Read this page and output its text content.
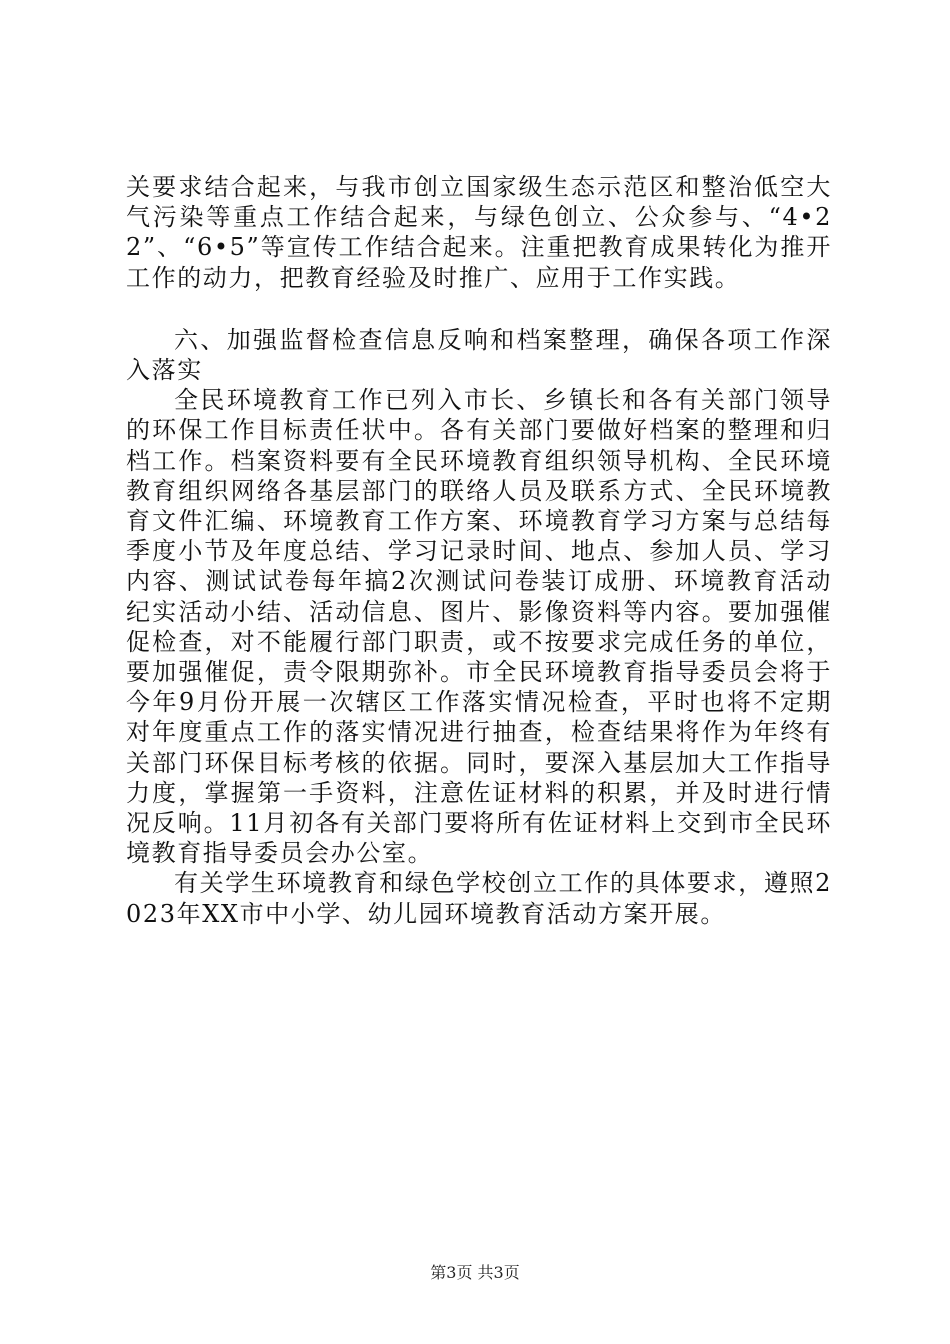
关要求结合起来，与我市创立国家级生态示范区和整治低空大气污染等重点工作结合起来，与绿色创立、公众参与、“4•22”、“6•5”等宣传工作结合起来。注重把教育成果转化为推开工作的动力，把教育经验及时推广、应用于工作实践。

六、加强监督检查信息反响和档案整理，确保各项工作深入落实

全民环境教育工作已列入市长、乡镇长和各有关部门领导的环保工作目标责任状中。各有关部门要做好档案的整理和归档工作。档案资料要有全民环境教育组织领导机构、全民环境教育组织网络各基层部门的联络人员及联系方式、全民环境教育文件汇编、环境教育工作方案、环境教育学习方案与总结每季度小节及年度总结、学习记录时间、地点、参加人员、学习内容、测试试卷每年搞2次测试问卷装订成册、环境教育活动纪实活动小结、活动信息、图片、影像资料等内容。要加强催促检查，对不能履行部门职责，或不按要求完成任务的单位，要加强催促，责令限期弥补。市全民环境教育指导委员会将于今年9月份开展一次辖区工作落实情况检查，平时也将不定期对年度重点工作的落实情况进行抽查，检查结果将作为年终有关部门环保目标考核的依据。同时，要深入基层加大工作指导力度，掌握第一手资料，注意佐证材料的积累，并及时进行情况反响。11月初各有关部门要将所有佐证材料上交到市全民环境教育指导委员会办公室。

有关学生环境教育和绿色学校创立工作的具体要求，遵照2023年XX市中小学、幼儿园环境教育活动方案开展。

第3页 共3页
